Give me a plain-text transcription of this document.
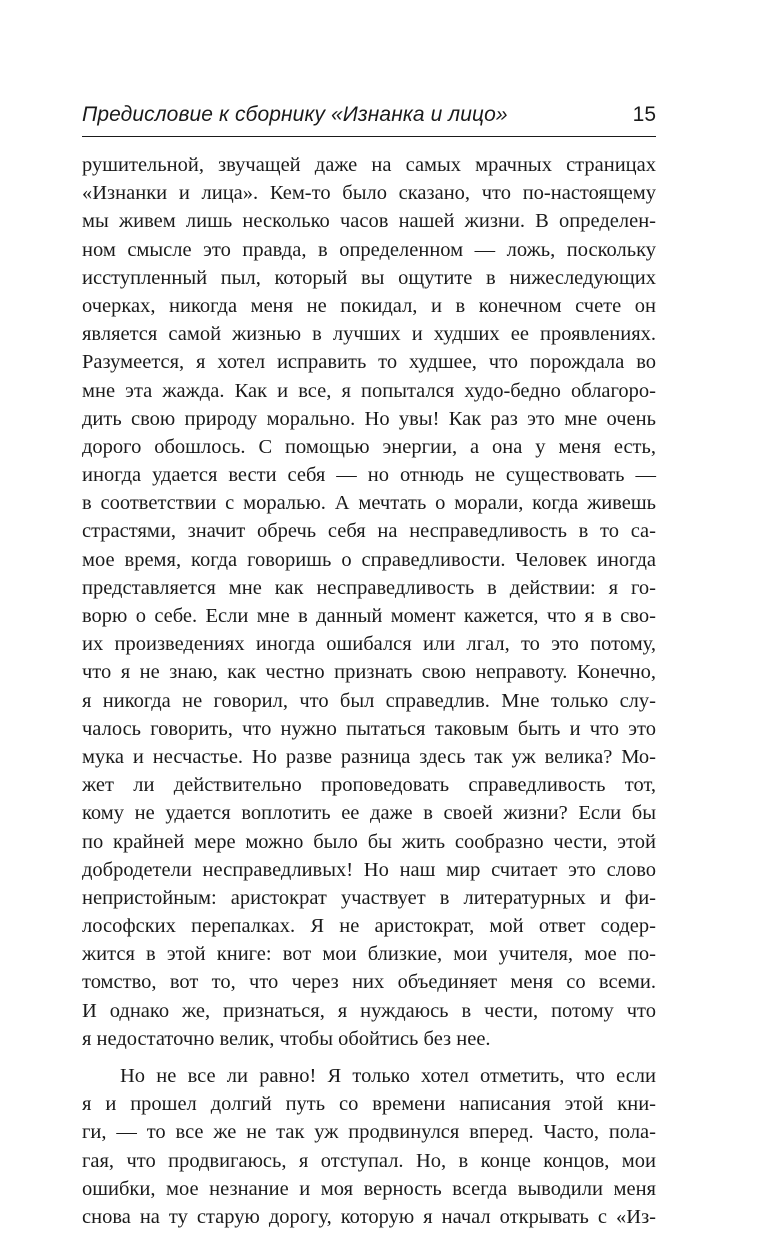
Предисловие к сборнику «Изнанка и лицо»	15
рушительной, звучащей даже на самых мрачных страницах
«Изнанки и лица». Кем-то было сказано, что по-настоящему
мы живем лишь несколько часов нашей жизни. В определен-
ном смысле это правда, в определенном — ложь, поскольку
исступленный пыл, который вы ощутите в нижеследующих
очерках, никогда меня не покидал, и в конечном счете он
является самой жизнью в лучших и худших ее проявлениях.
Разумеется, я хотел исправить то худшее, что порождала во
мне эта жажда. Как и все, я попытался худо-бедно облагоро-
дить свою природу морально. Но увы! Как раз это мне очень
дорого обошлось. С помощью энергии, а она у меня есть,
иногда удается вести себя — но отнюдь не существовать —
в соответствии с моралью. А мечтать о морали, когда живешь
страстями, значит обречь себя на несправедливость в то са-
мое время, когда говоришь о справедливости. Человек иногда
представляется мне как несправедливость в действии: я го-
ворю о себе. Если мне в данный момент кажется, что я в сво-
их произведениях иногда ошибался или лгал, то это потому,
что я не знаю, как честно признать свою неправоту. Конечно,
я никогда не говорил, что был справедлив. Мне только слу-
чалось говорить, что нужно пытаться таковым быть и что это
мука и несчастье. Но разве разница здесь так уж велика? Мо-
жет ли действительно проповедовать справедливость тот,
кому не удается воплотить ее даже в своей жизни? Если бы
по крайней мере можно было бы жить сообразно чести, этой
добродетели несправедливых! Но наш мир считает это слово
непристойным: аристократ участвует в литературных и фи-
лософских перепалках. Я не аристократ, мой ответ содер-
жится в этой книге: вот мои близкие, мои учителя, мое по-
томство, вот то, что через них объединяет меня со всеми.
И однако же, признаться, я нуждаюсь в чести, потому что
я недостаточно велик, чтобы обойтись без нее.
Но не все ли равно! Я только хотел отметить, что если
я и прошел долгий путь со времени написания этой кни-
ги, — то все же не так уж продвинулся вперед. Часто, пола-
гая, что продвигаюсь, я отступал. Но, в конце концов, мои
ошибки, мое незнание и моя верность всегда выводили меня
снова на ту старую дорогу, которую я начал открывать с «Из-
